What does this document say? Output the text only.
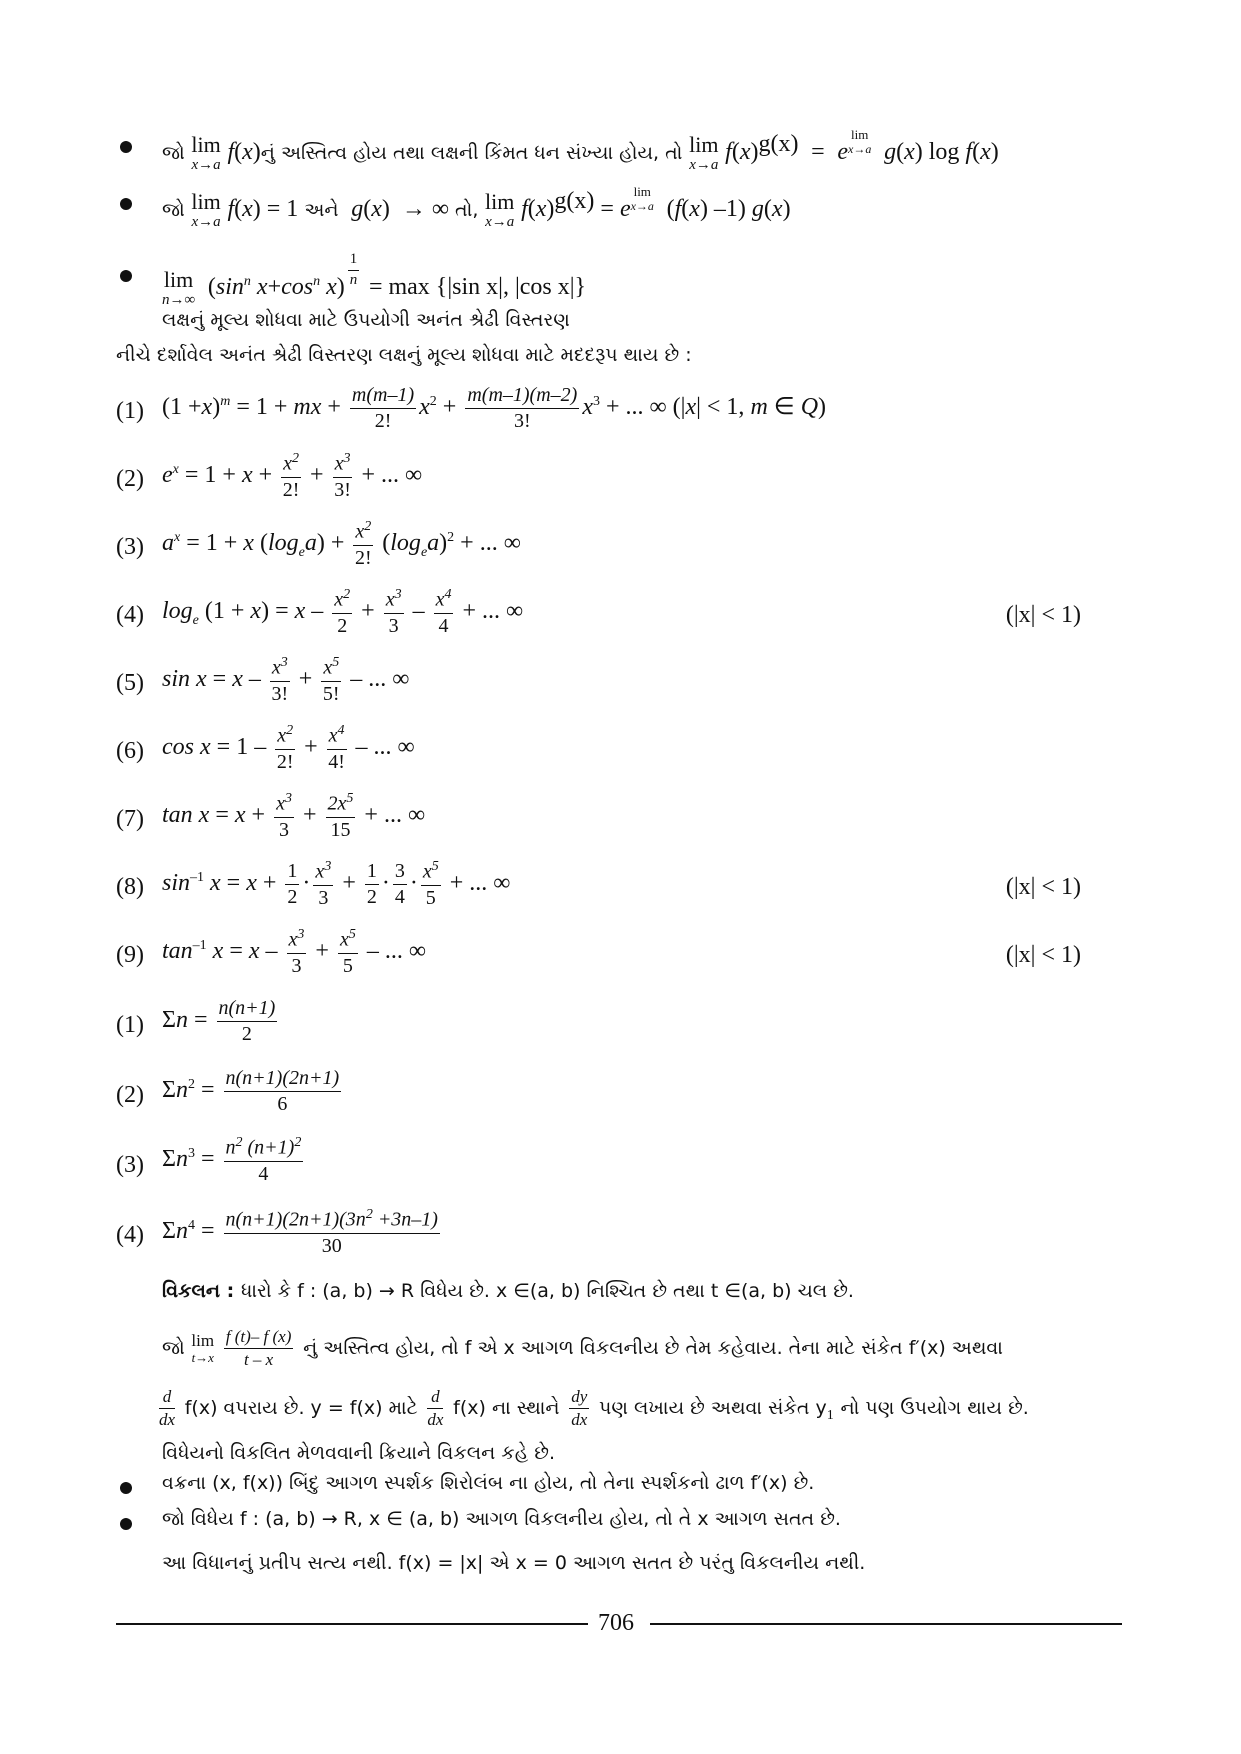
જો lim
x→a f(x)નું અસ્તિત્વ હોય તથા લક્ષની કિંમત ધન સંખ્યા હોય, તો lim
x→a $f(x)^{g(x)} = e$
$^{lim x\to a}$ g(x) log f(x)
જો lim
x→a f(x) = 1 અને  g(x)  → ∞ તો, lim
x→a $f(x)^{g(x)} = e$
$^{lim x\to a}$ (f(x) –1) g(x)
lim
n→∞ ($\sin^n$ $x+\cos^n$ x) $^{\frac{1}{n}}$ = max {|sin x|, |cos x|}
લક્ષનું મૂલ્ય શોધવા માટે ઉપયોગી અનંત શ્રેઢી વિસ્તરણ
નીચે દર્શાવેલ અનંત શ્રેઢી વિસ્તરણ લક્ષનું મૂલ્ય શોધવા માટે મદદરૂપ થાય છે :
(1) $(1 +x)^m = 1$ + mx + $\frac{m(m-1)}{2!} x^2 + \frac{m(m-1)(m-2)}{3!} x^3$ + ... ∞ (|x| < 1, m ∈ Q)
(2) $e^x = 1 + x + \frac{x^2}{2!} + \frac{x^3}{3!}$ + ... ∞
(3) $a^x = 1 + x$ $(\log_ea) + \frac{x^2}{2!} (\log_ea)^2$ + ... ∞
(4) $\log_e (1 + x) = x - \frac{x^2}{2} + \frac{x^3}{3} - \frac{x^4}{4}$ + ... ∞	(|x| < 1)
(5) $\sin x = x - \frac{x^3}{3!} + \frac{x^5}{5!}$ – ... ∞
(6) $\cos x = 1 - \frac{x^2}{2!} + \frac{x^4}{4!}$ – ... ∞
(7) $\tan x = x + \frac{x^3}{3} + \frac{2x^5}{15}$ + ... ∞
(8) $\sin^{-1} x = x + \frac{1}{2} \cdot \frac{x^3}{3} + \frac{1}{2} \cdot \frac{3}{4} \cdot \frac{x^5}{5}$ + ... ∞	(|x| < 1)
(9) $\tan^{-1} x = x - \frac{x^3}{3} + \frac{x^5}{5}$ – ... ∞	(|x| < 1)
(1) $\Sigma n = \frac{n(n+1)}{2}$
(2) $\Sigma n^2 = \frac{n(n+1)(2n+1)}{6}$
(3) $\Sigma n^3 = \frac{n^2 (n+1)^2}{4}$
(4) $\Sigma n^4 = \frac{n(n+1)(2n+1)(3n^2 +3n-1)}{30}$
વિકલન : ધારો કે f : (a, b) → R વિધેય છે. x ∈(a, b) નિશ્ચિત છે તથા t ∈(a, b) ચલ છે.
જો lim
t→x
$\frac{f (t)- f (x)}{t - x}$ નું અસ્તિત્વ હોય, તો f એ x આગળ વિકલનીય છે તેમ કહેવાય. તેના માટે સંકેત f′(x) અથવા
$\frac{d}{dx} f(x)$ વપરાય છે. y = f(x) માટે $\frac{d}{dx} f(x)$ ના સ્થાને $\frac{dy}{dx}$ પણ લખાય છે અથવા સંકેત $y_1$ નો પણ ઉપયોગ થાય છે.
વિધેયનો વિકલિત મેળવવાની ક્રિયાને વિકલન કહે છે.
વક્રના (x, f(x)) બિંદુ આગળ સ્પર્શક શિરોલંબ ના હોય, તો તેના સ્પર્શકનો ઢાળ f′(x) છે.
જો વિધેય f : (a, b) → R, x ∈ (a, b) આગળ વિકલનીય હોય, તો તે x આગળ સતત છે.
આ વિધાનનું પ્રતીપ સત્ય નથી. f(x) = |x| એ x = 0 આગળ સતત છે પરંતુ વિકલનીય નથી.
706
